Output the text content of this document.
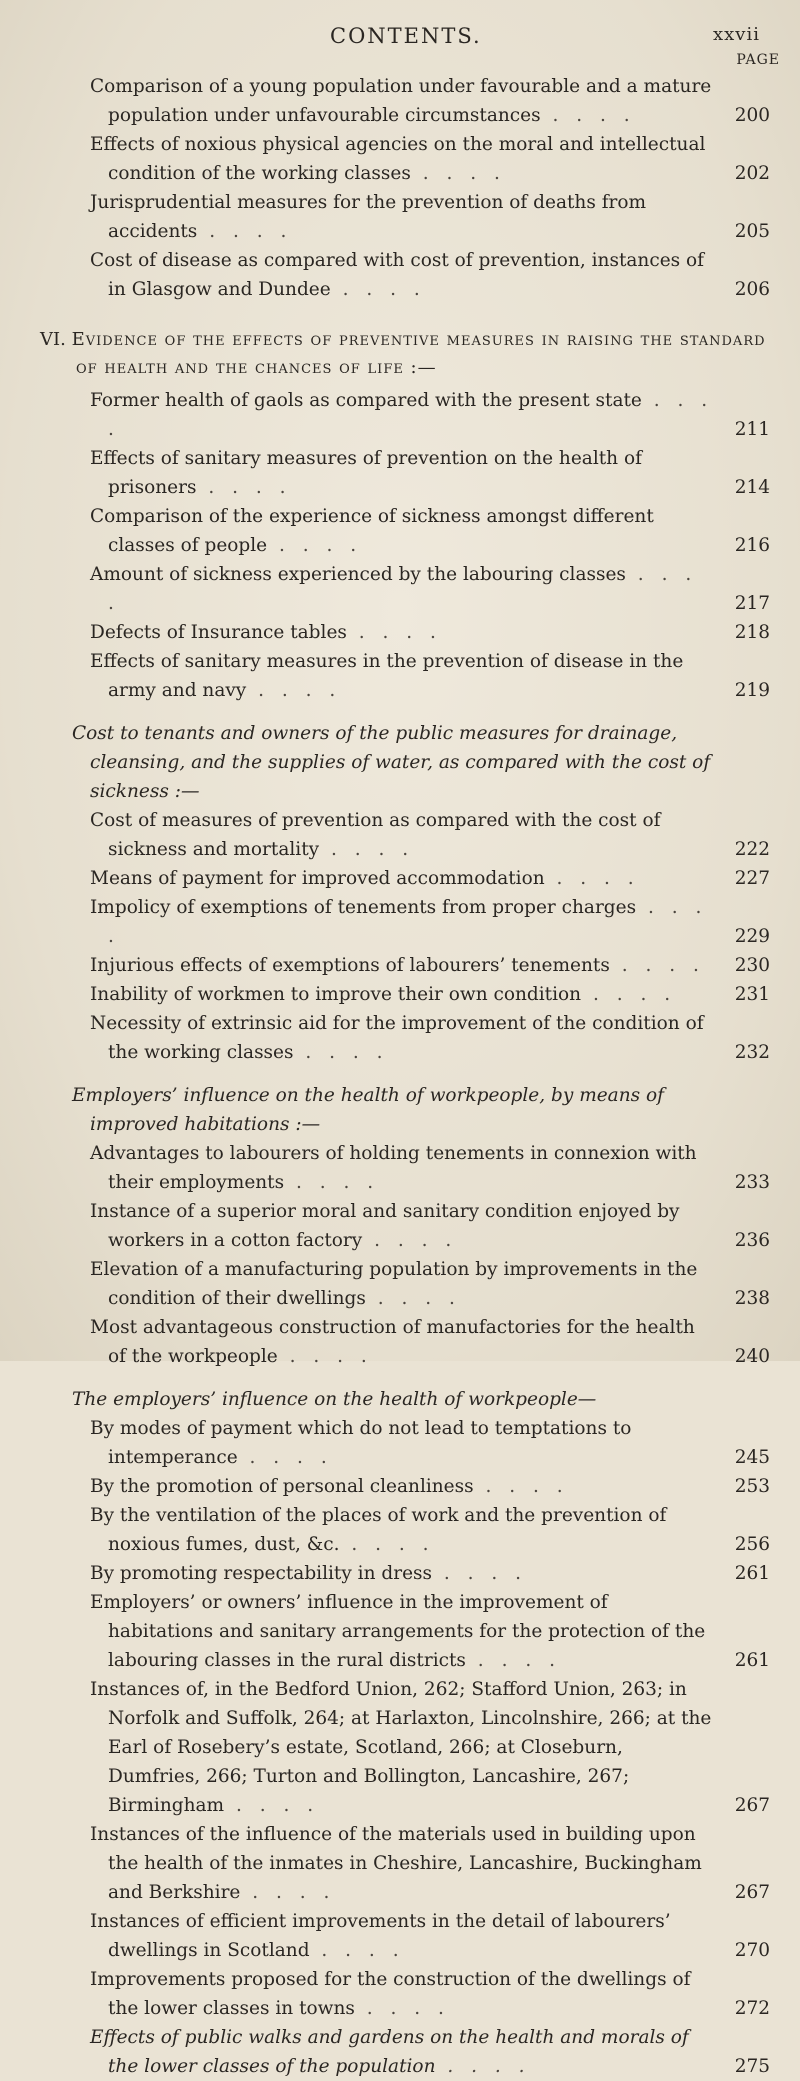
CONTENTS.	xxvii
PAGE
Comparison of a young population under favourable and a mature population under unfavourable circumstances . . . .	200
Effects of noxious physical agencies on the moral and intellectual condition of the working classes . . . .	202
Jurisprudential measures for the prevention of deaths from accidents . . . .	205
Cost of disease as compared with cost of prevention, instances of in Glasgow and Dundee . . . .	206
VI. Evidence of the effects of preventive measures in raising the standard of health and the chances of life :—
Former health of gaols as compared with the present state . . . .	211
Effects of sanitary measures of prevention on the health of prisoners . . . .	214
Comparison of the experience of sickness amongst different classes of people . . . .	216
Amount of sickness experienced by the labouring classes . . . .	217
Defects of Insurance tables . . . .	218
Effects of sanitary measures in the prevention of disease in the army and navy . . . .	219
Cost to tenants and owners of the public measures for drainage, cleansing, and the supplies of water, as compared with the cost of sickness :—
Cost of measures of prevention as compared with the cost of sickness and mortality . . . .	222
Means of payment for improved accommodation . . . .	227
Impolicy of exemptions of tenements from proper charges . . . .	229
Injurious effects of exemptions of labourers’ tenements . . . .	230
Inability of workmen to improve their own condition . . . .	231
Necessity of extrinsic aid for the improvement of the condition of the working classes . . . .	232
Employers’ influence on the health of workpeople, by means of improved habitations :—
Advantages to labourers of holding tenements in connexion with their employments . . . .	233
Instance of a superior moral and sanitary condition enjoyed by workers in a cotton factory . . . .	236
Elevation of a manufacturing population by improvements in the condition of their dwellings . . . .	238
Most advantageous construction of manufactories for the health of the workpeople . . . .	240
The employers’ influence on the health of workpeople—
By modes of payment which do not lead to temptations to intemperance . . . .	245
By the promotion of personal cleanliness . . . .	253
By the ventilation of the places of work and the prevention of noxious fumes, dust, &c. . . . .	256
By promoting respectability in dress . . . .	261
Employers’ or owners’ influence in the improvement of habitations and sanitary arrangements for the protection of the labouring classes in the rural districts . . . .	261
Instances of, in the Bedford Union, 262; Stafford Union, 263; in Norfolk and Suffolk, 264; at Harlaxton, Lincolnshire, 266; at the Earl of Rosebery’s estate, Scotland, 266; at Closeburn, Dumfries, 266; Turton and Bollington, Lancashire, 267; Birmingham . . . .	267
Instances of the influence of the materials used in building upon the health of the inmates in Cheshire, Lancashire, Buckingham and Berkshire . . . .	267
Instances of efficient improvements in the detail of labourers’ dwellings in Scotland . . . .	270
Improvements proposed for the construction of the dwellings of the lower classes in towns . . . .	272
Effects of public walks and gardens on the health and morals of the lower classes of the population . . . .	275
